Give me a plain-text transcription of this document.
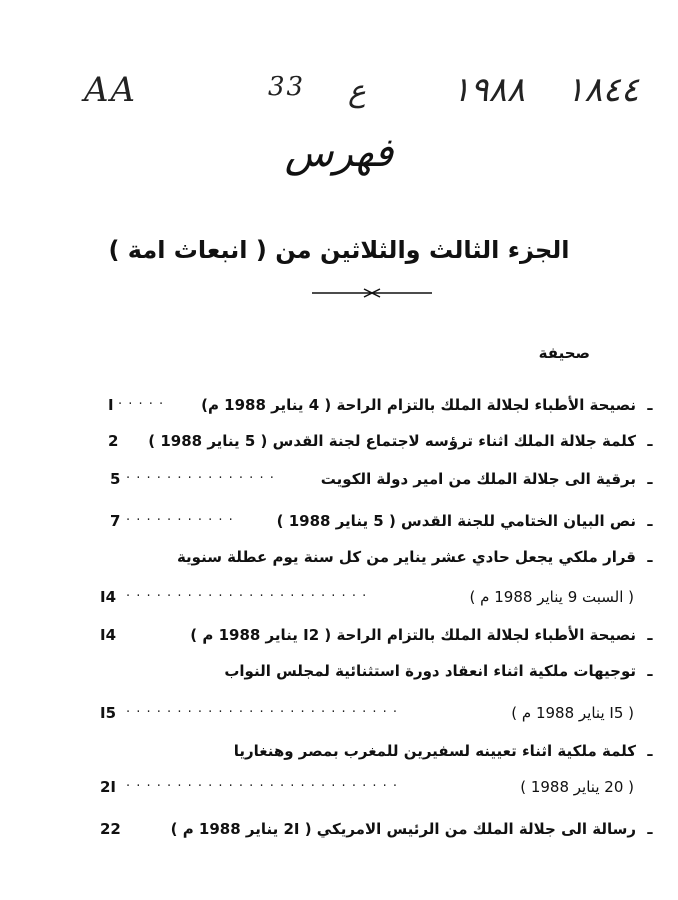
AA	33 ع	١٩٨٨ ١٨٤٤
فهرس
الجزء الثالث والثلاثين من ( انبعاث امة )
صحيفة
ـ
نصيحة الأطباء لجلالة الملك بالتزام الراحة ( 4 يناير 1988 م)
· · · · ·
I
ـ
كلمة جلالة الملك اثناء ترؤسه لاجتماع لجنة القدس ( 5 يناير 1988 )
2
ـ
برقية الى جلالة الملك من امير دولة الكويت
· · · · · · · · · · · · · · ·
5
ـ
نص البيان الختامي للجنة القدس ( 5 يناير 1988 )
· · · · · · · · · · ·
7
ـ
قرار ملكي يجعل حادي عشر يناير من كل سنة يوم عطلة سنوية
( السبت 9 يناير 1988 م )
· · · · · · · · · · · · · · · · · · · · · · · ·
I4
ـ
نصيحة الأطباء لجلالة الملك بالتزام الراحة ( I2 يناير 1988 م )
I4
ـ
توجيهات ملكية اثناء انعقاد دورة استثنائية لمجلس النواب
( I5 يناير 1988 م )
· · · · · · · · · · · · · · · · · · · · · · · · · · ·
I5
ـ
كلمة ملكية اثناء تعيينه لسفيرين للمغرب بمصر وهنغاريا
( 20 يناير 1988 )
· · · · · · · · · · · · · · · · · · · · · · · · · · ·
2I
ـ
رسالة الى جلالة الملك من الرئيس الامريكي ( 2I يناير 1988 م )
22
